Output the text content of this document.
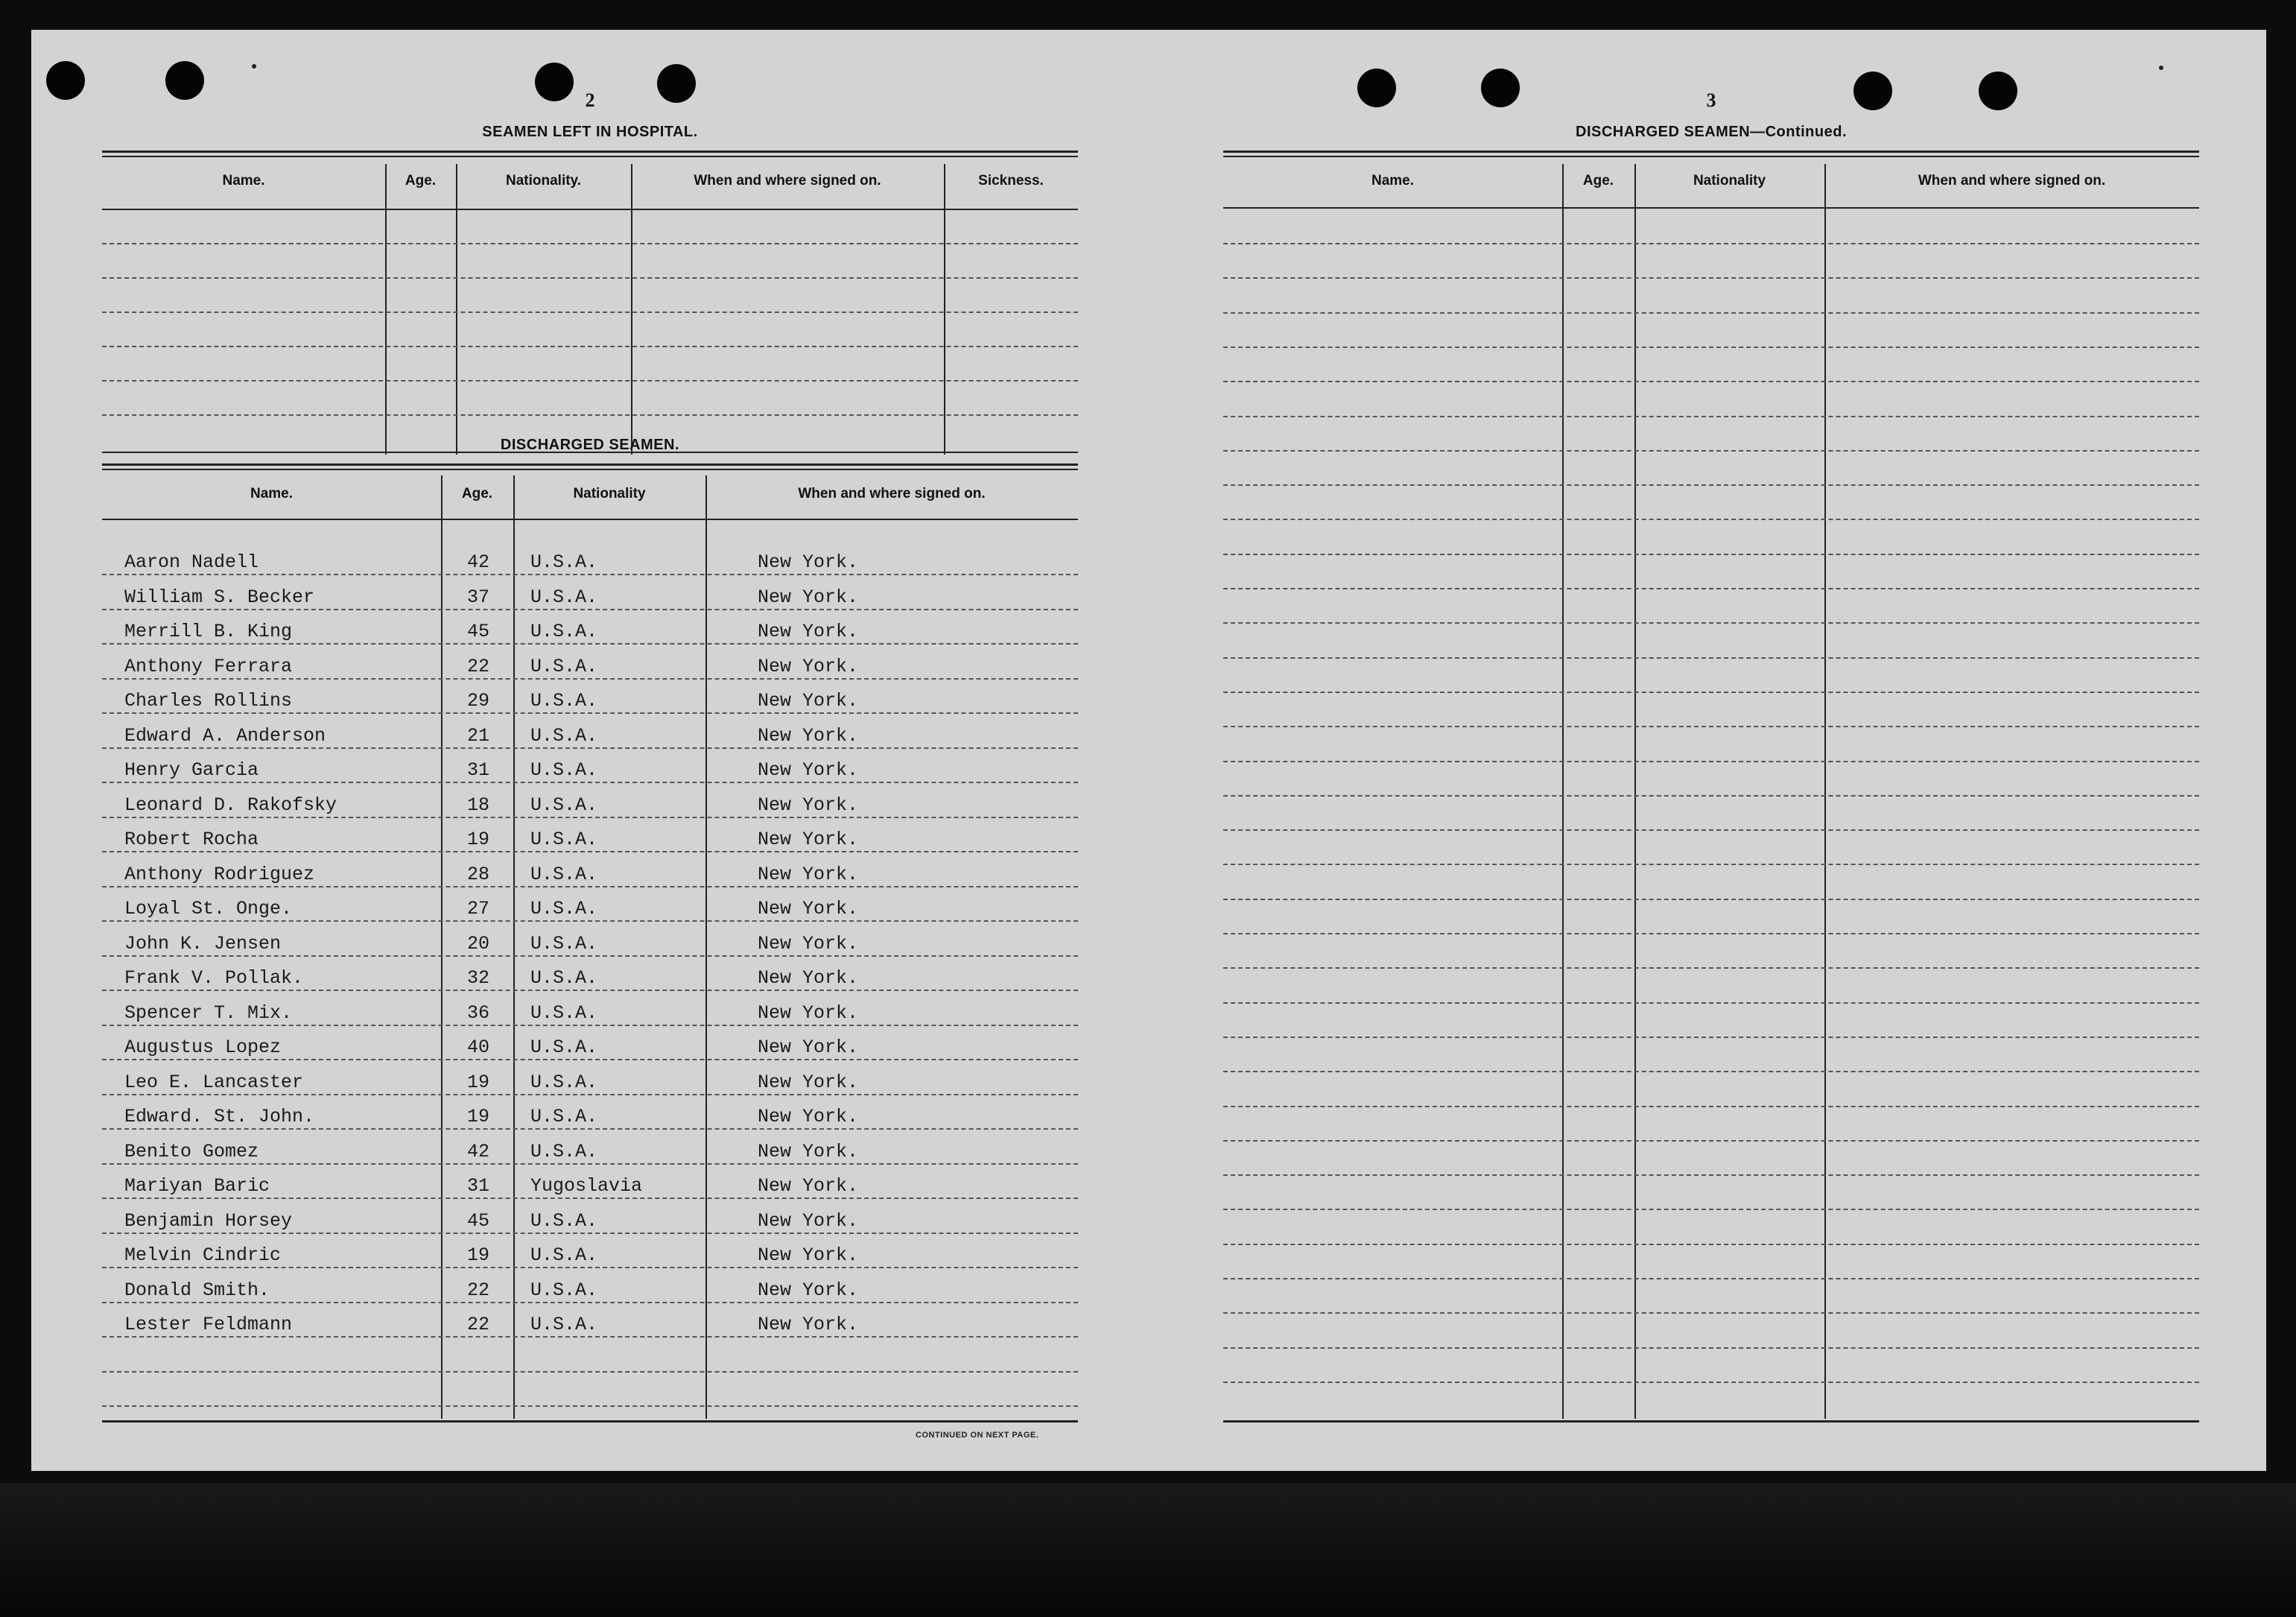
2
SEAMEN LEFT IN HOSPITAL.
Name.	Age.	Nationality.	When and where signed on.	Sickness.
DISCHARGED SEAMEN.
Name.	Age.	Nationality	When and where signed on.
Aaron Nadell	42 U.S.A.	New York.
William S. Becker	37 U.S.A.	New York.
Merrill B. King	45 U.S.A.	New York.
Anthony Ferrara	22 U.S.A.	New York.
Charles Rollins	29 U.S.A.	New York.
Edward A. Anderson	21 U.S.A.	New York.
Henry Garcia	31 U.S.A.	New York.
Leonard D. Rakofsky	18 U.S.A.	New York.
Robert Rocha	19 U.S.A.	New York.
Anthony Rodriguez	28 U.S.A.	New York.
Loyal St. Onge.	27 U.S.A.	New York.
John K. Jensen	20 U.S.A.	New York.
Frank V. Pollak.	32 U.S.A.	New York.
Spencer T. Mix.	36 U.S.A.	New York.
Augustus Lopez	40 U.S.A.	New York.
Leo E. Lancaster	19 U.S.A.	New York.
Edward. St. John.	19 U.S.A.	New York.
Benito Gomez	42 U.S.A.	New York.
Mariyan Baric	31 Yugoslavia	New York.
Benjamin Horsey	45 U.S.A.	New York.
Melvin Cindric	19 U.S.A.	New York.
Donald Smith.	22 U.S.A.	New York.
Lester Feldmann	22 U.S.A.	New York.
CONTINUED ON NEXT PAGE.
3
DISCHARGED SEAMEN—Continued.
Name.	Age.	Nationality	When and where signed on.
